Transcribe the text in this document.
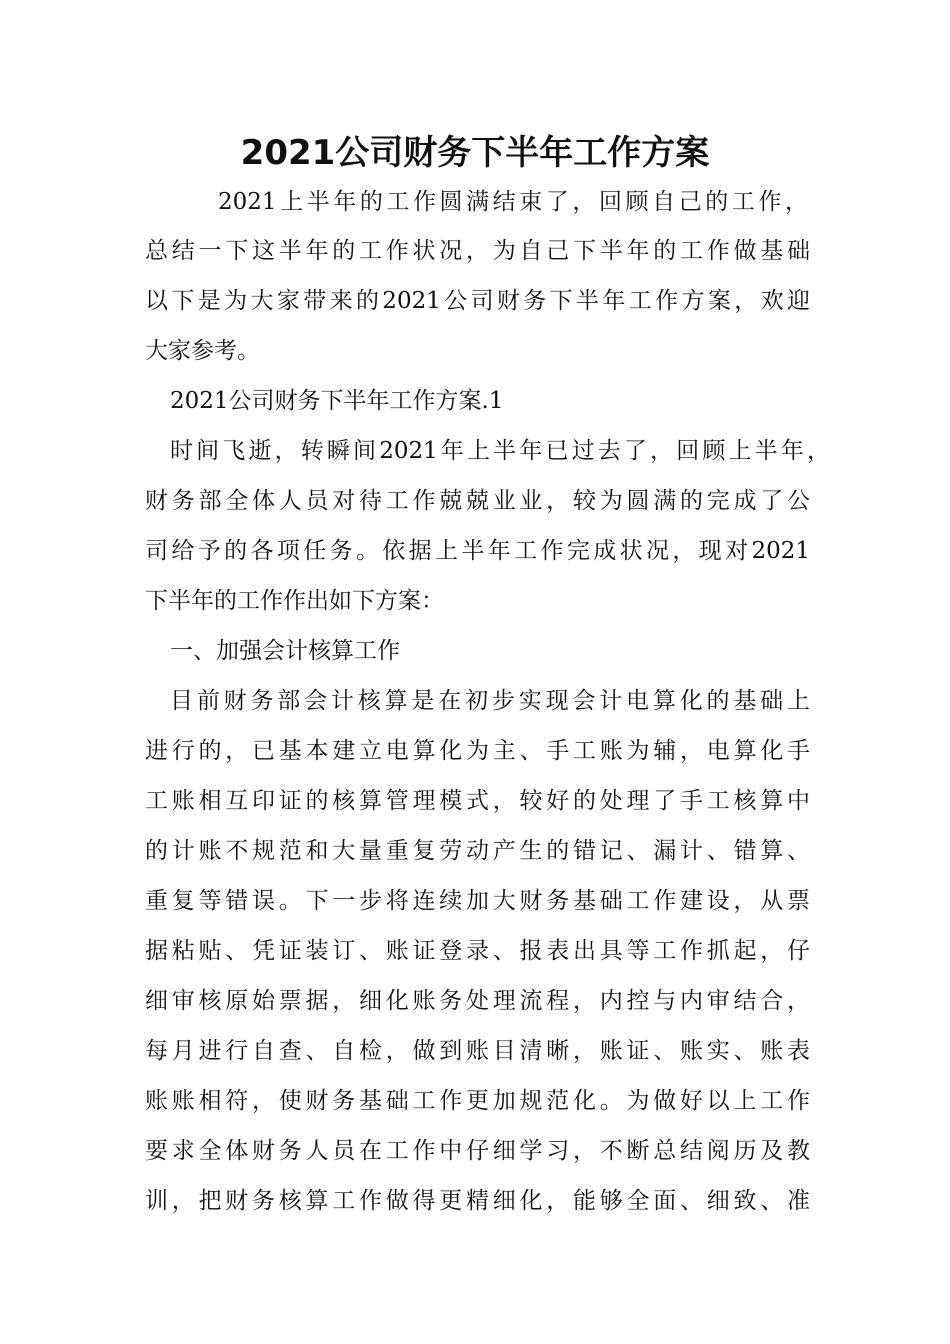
2021公司财务下半年工作方案

2021上半年的工作圆满结束了，回顾自己的工作，

总结一下这半年的工作状况，为自己下半年的工作做基础

以下是为大家带来的2021公司财务下半年工作方案，欢迎

大家参考。

2021公司财务下半年工作方案.1

时间飞逝，转瞬间2021年上半年已过去了，回顾上半年，

财务部全体人员对待工作兢兢业业，较为圆满的完成了公

司给予的各项任务。依据上半年工作完成状况，现对2021

下半年的工作作出如下方案：

一、加强会计核算工作

目前财务部会计核算是在初步实现会计电算化的基础上

进行的，已基本建立电算化为主、手工账为辅，电算化手

工账相互印证的核算管理模式，较好的处理了手工核算中

的计账不规范和大量重复劳动产生的错记、漏计、错算、

重复等错误。下一步将连续加大财务基础工作建设，从票

据粘贴、凭证装订、账证登录、报表出具等工作抓起，仔

细审核原始票据，细化账务处理流程，内控与内审结合，

每月进行自查、自检，做到账目清晰，账证、账实、账表

账账相符，使财务基础工作更加规范化。为做好以上工作

要求全体财务人员在工作中仔细学习，不断总结阅历及教

训，把财务核算工作做得更精细化，能够全面、细致、准
